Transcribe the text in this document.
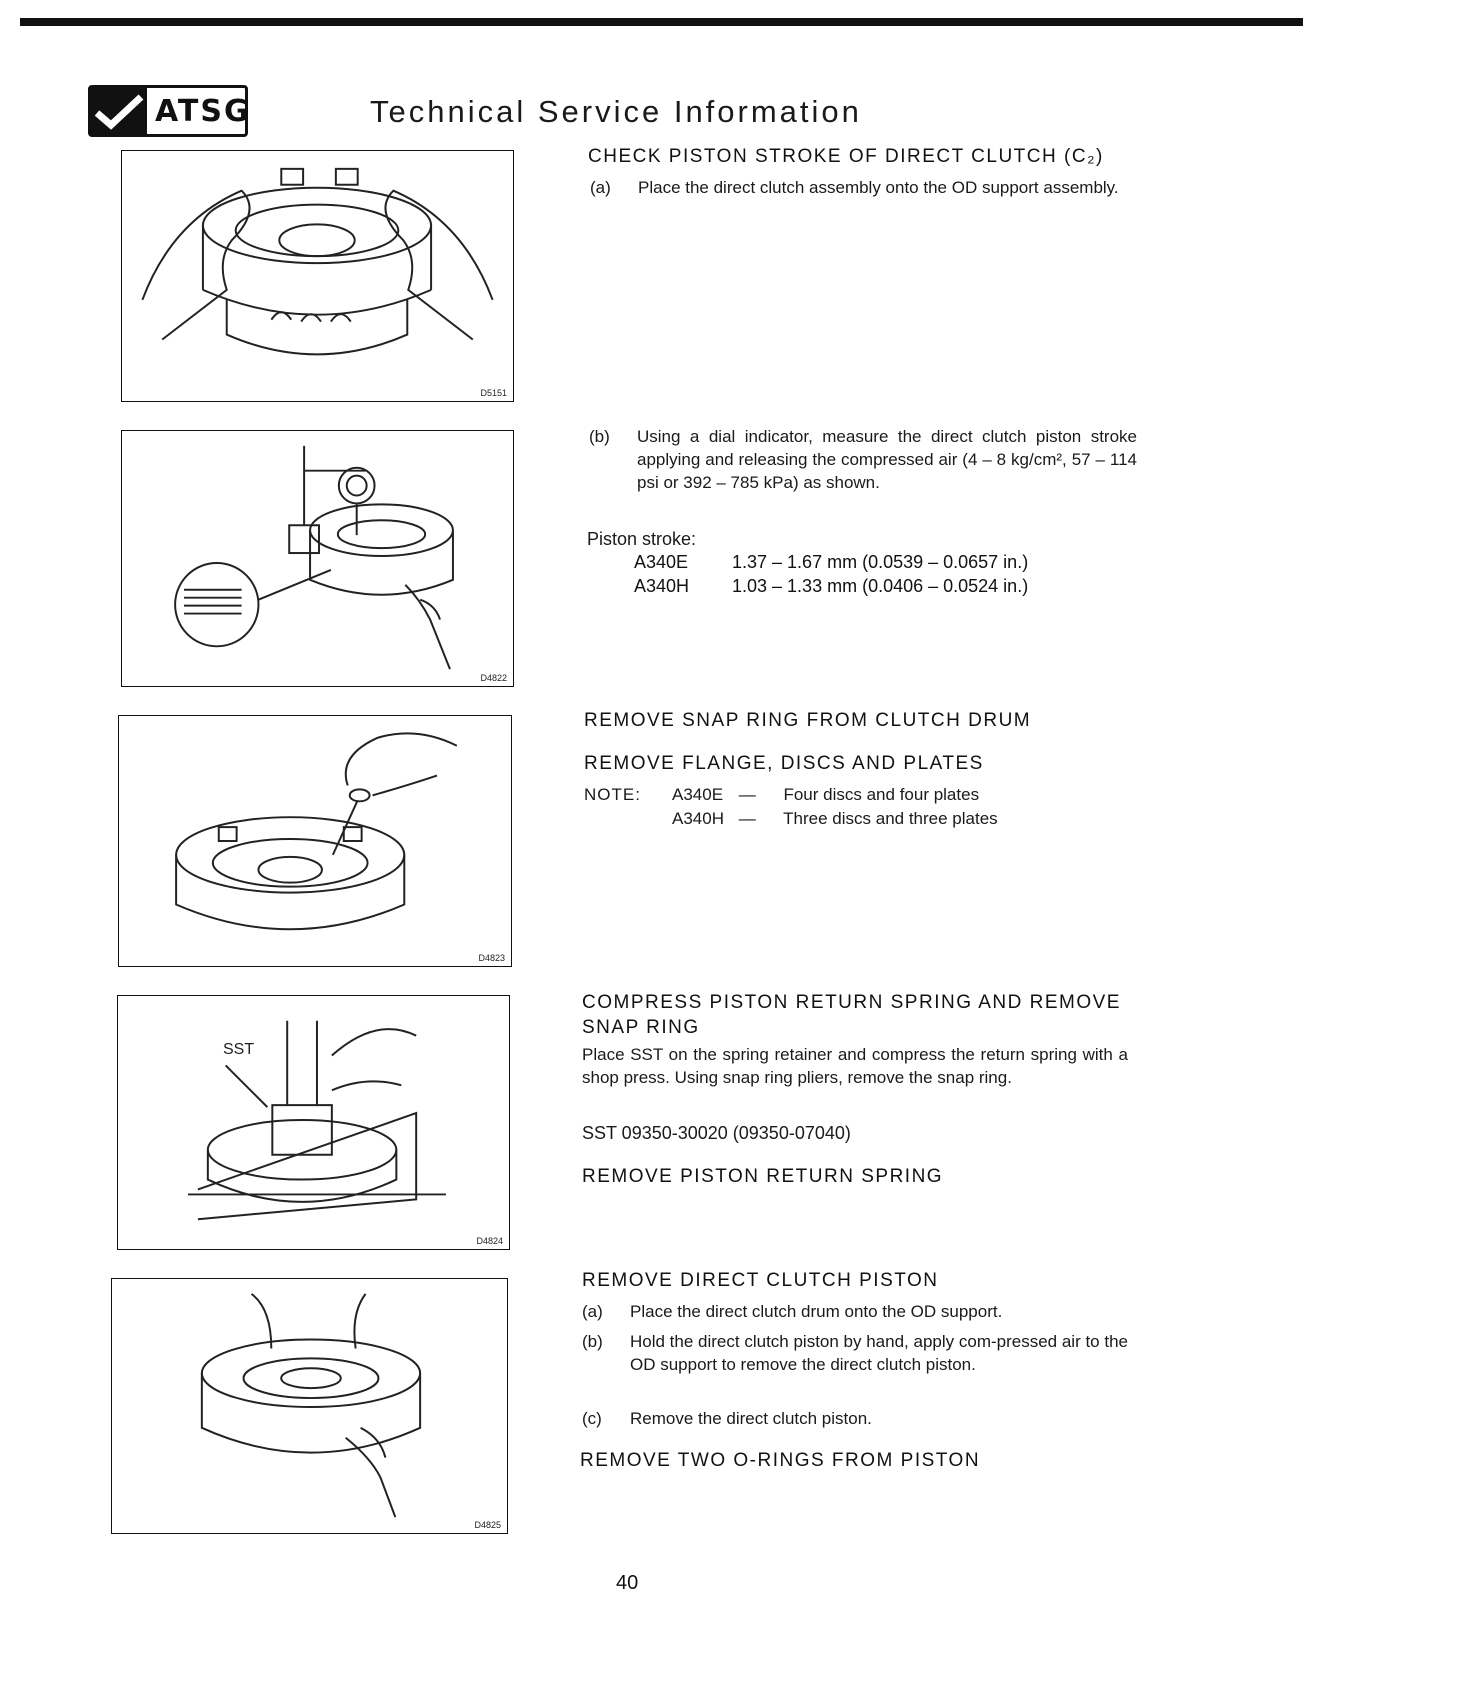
ATSG	Technical Service Information
D5151
D4822
D4823
SST
D4824
D4825
CHECK PISTON STROKE OF DIRECT CLUTCH (C₂)
(a) Place the direct clutch assembly onto the OD support assembly.
(b) Using a dial indicator, measure the direct clutch piston stroke applying and releasing the compressed air (4 – 8 kg/cm², 57 – 114 psi or 392 – 785 kPa) as shown.

Piston stroke:

A340E 1.37 – 1.67 mm (0.0539 – 0.0657 in.)
A340H 1.03 – 1.33 mm (0.0406 – 0.0524 in.)
REMOVE SNAP RING FROM CLUTCH DRUM
REMOVE FLANGE, DISCS AND PLATES
NOTE: A340E — Four discs and four plates
A340H — Three discs and three plates
COMPRESS PISTON RETURN SPRING AND REMOVE
SNAP RING

Place SST on the spring retainer and compress the return spring with a shop press. Using snap ring pliers, remove the snap ring.

SST 09350-30020 (09350-07040)

REMOVE PISTON RETURN SPRING
REMOVE DIRECT CLUTCH PISTON
(a) Place the direct clutch drum onto the OD support.
(b) Hold the direct clutch piston by hand, apply com-pressed air to the OD support to remove the direct clutch piston.
(c) Remove the direct clutch piston.
REMOVE TWO O-RINGS FROM PISTON
40
